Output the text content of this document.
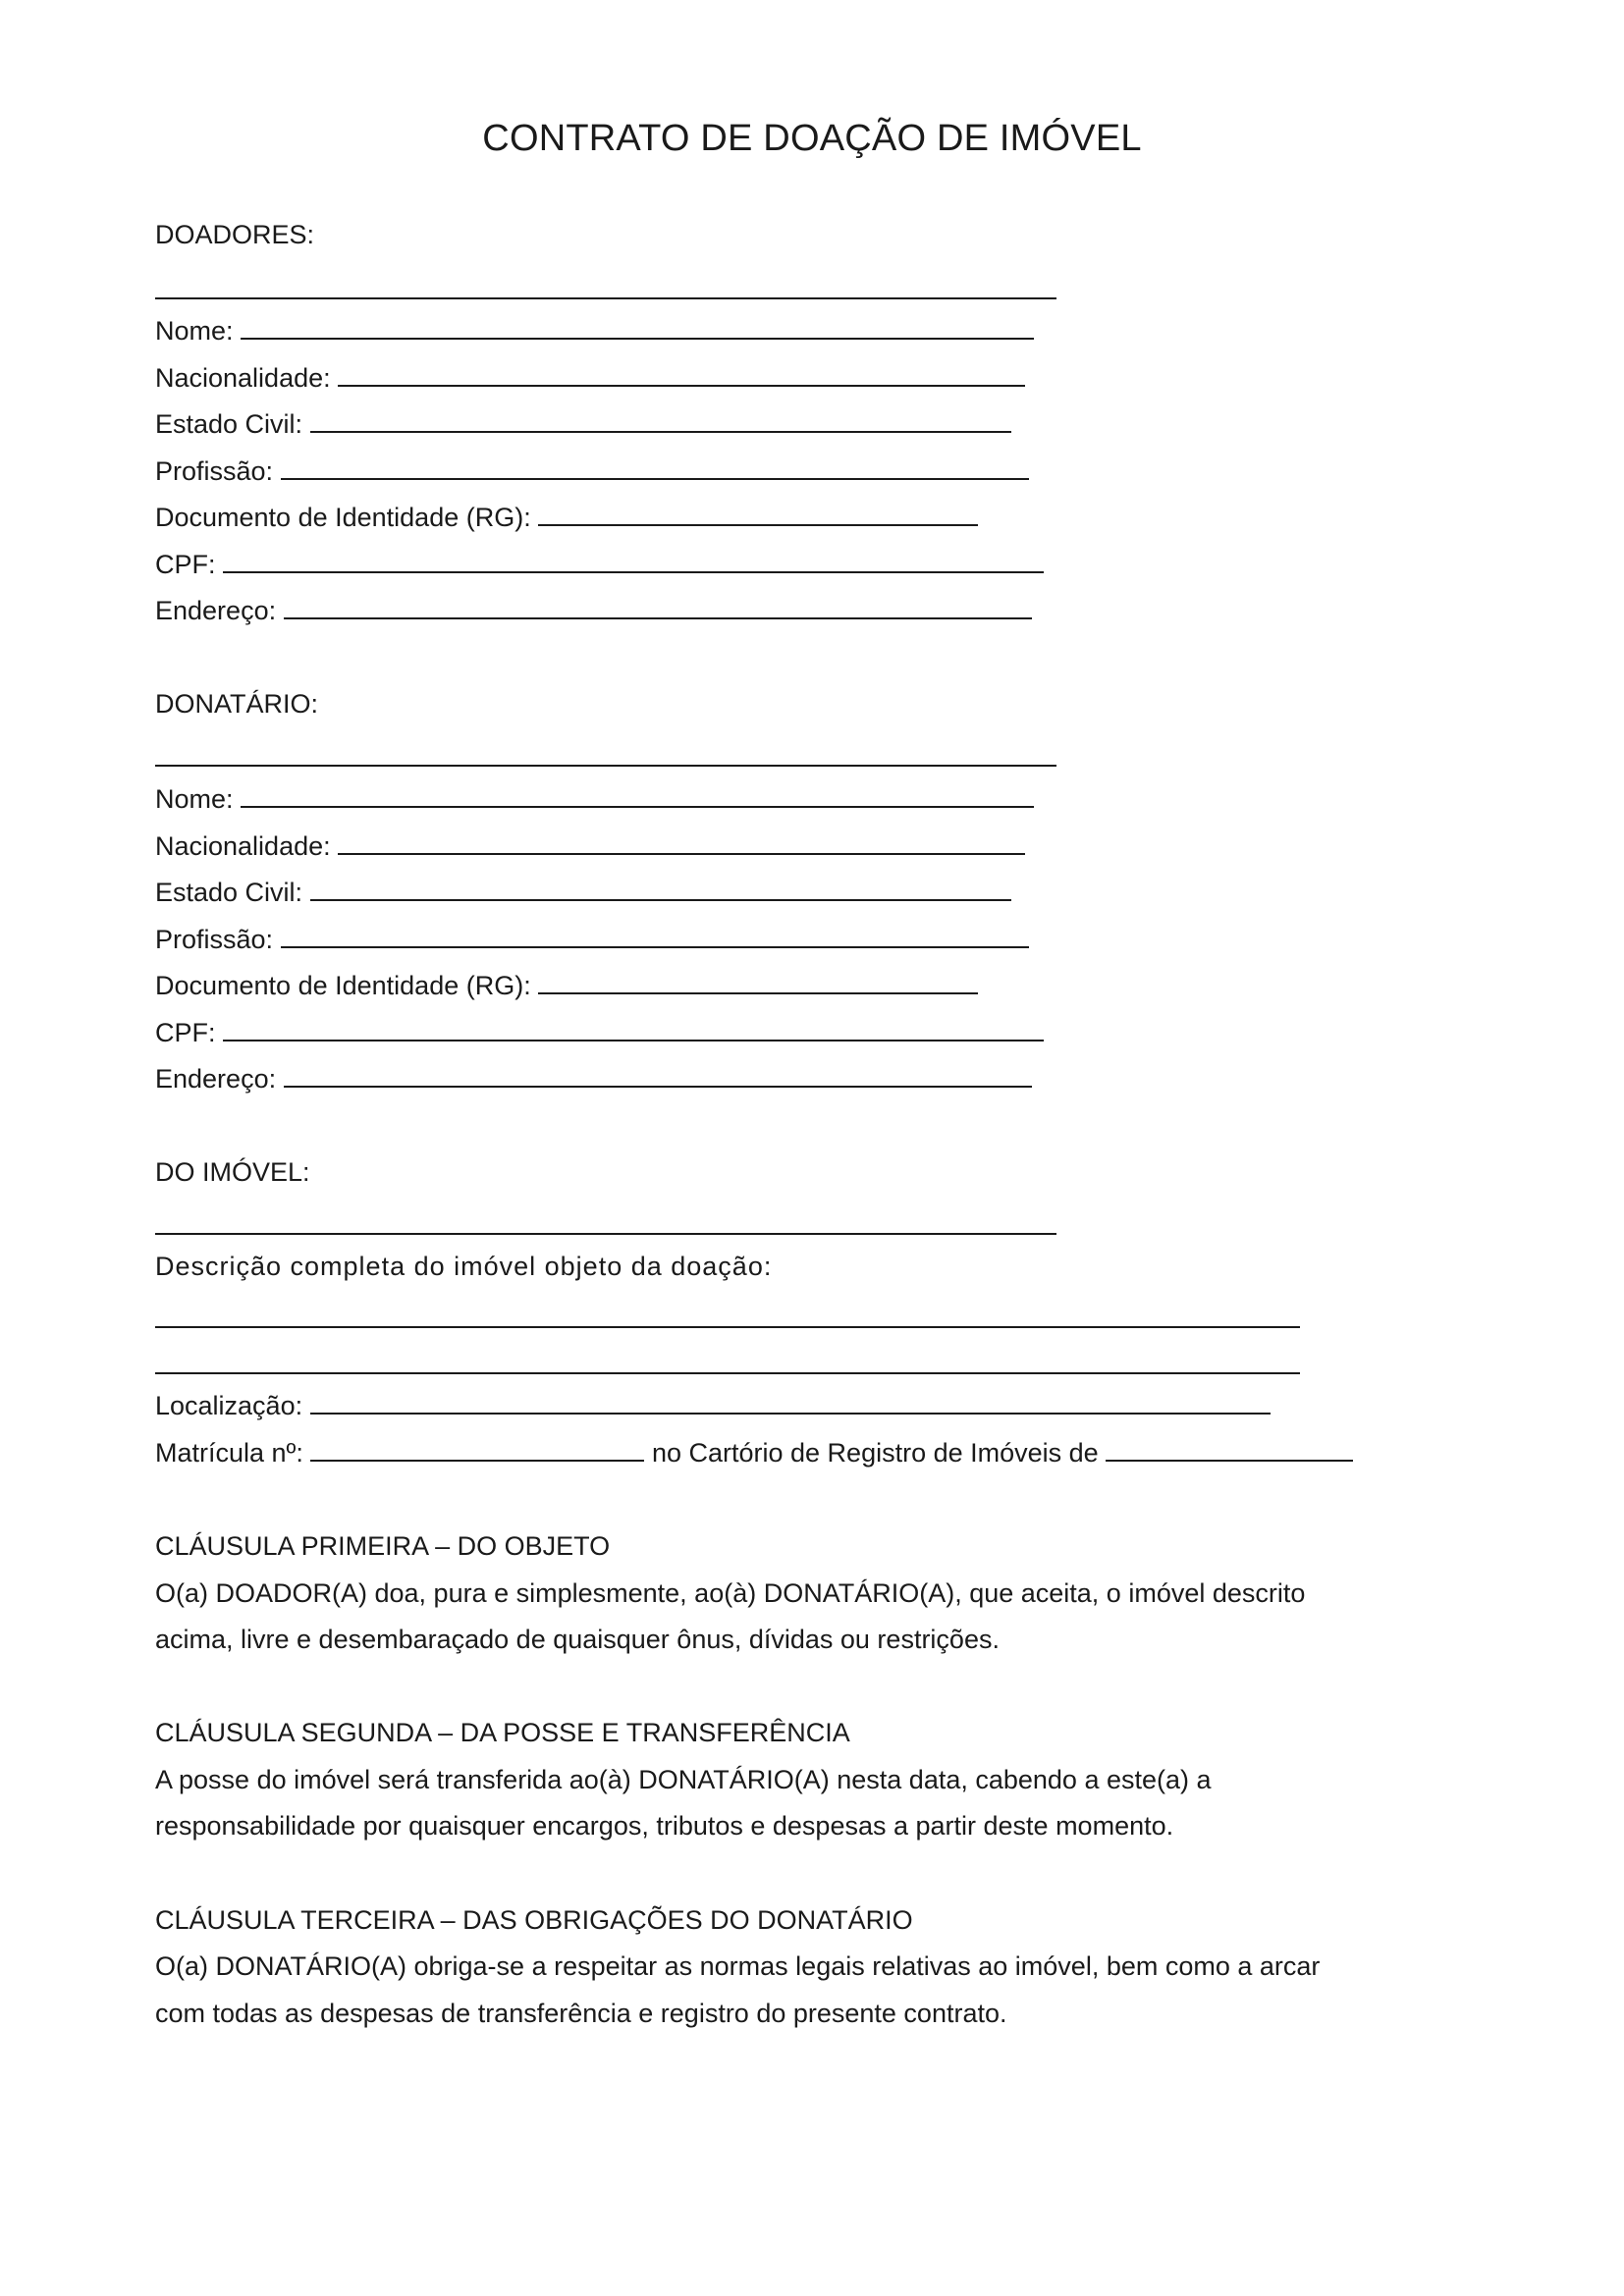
CONTRATO DE DOAÇÃO DE IMÓVEL
DOADORES:
Nome:
Nacionalidade:
Estado Civil:
Profissão:
Documento de Identidade (RG):
CPF:
Endereço:
DONATÁRIO:
Nome:
Nacionalidade:
Estado Civil:
Profissão:
Documento de Identidade (RG):
CPF:
Endereço:
DO IMÓVEL:
Descrição completa do imóvel objeto da doação:
Localização:
Matrícula nº:	no Cartório de Registro de Imóveis de
CLÁUSULA PRIMEIRA – DO OBJETO
O(a) DOADOR(A) doa, pura e simplesmente, ao(à) DONATÁRIO(A), que aceita, o imóvel descrito
acima, livre e desembaraçado de quaisquer ônus, dívidas ou restrições.
CLÁUSULA SEGUNDA – DA POSSE E TRANSFERÊNCIA
A posse do imóvel será transferida ao(à) DONATÁRIO(A) nesta data, cabendo a este(a) a
responsabilidade por quaisquer encargos, tributos e despesas a partir deste momento.
CLÁUSULA TERCEIRA – DAS OBRIGAÇÕES DO DONATÁRIO
O(a) DONATÁRIO(A) obriga-se a respeitar as normas legais relativas ao imóvel, bem como a arcar
com todas as despesas de transferência e registro do presente contrato.
